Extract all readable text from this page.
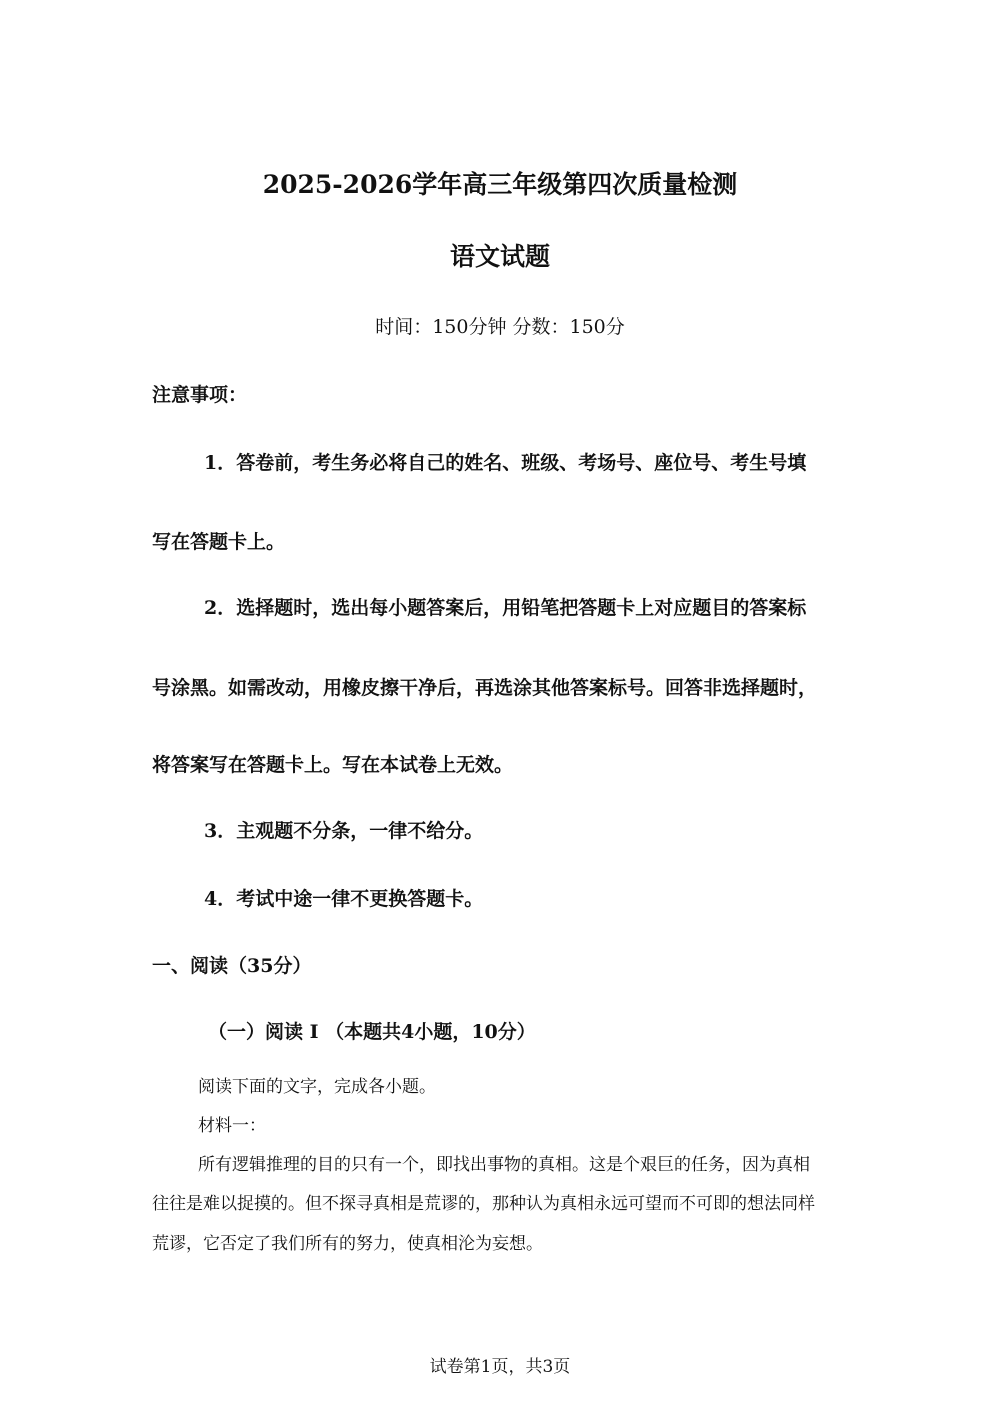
2025-2026学年高三年级第四次质量检测
语文试题
时间：150分钟 分数：150分
注意事项：
1．答卷前，考生务必将自己的姓名、班级、考场号、座位号、考生号填
写在答题卡上。
2．选择题时，选出每小题答案后，用铅笔把答题卡上对应题目的答案标
号涂黑。如需改动，用橡皮擦干净后，再选涂其他答案标号。回答非选择题时，
将答案写在答题卡上。写在本试卷上无效。
3．主观题不分条，一律不给分。
4．考试中途一律不更换答题卡。
一、阅读（35分）
（一）阅读 I （本题共4小题，10分）
阅读下面的文字，完成各小题。
材料一：
所有逻辑推理的目的只有一个，即找出事物的真相。这是个艰巨的任务，因为真相
往往是难以捉摸的。但不探寻真相是荒谬的，那种认为真相永远可望而不可即的想法同样
荒谬，它否定了我们所有的努力，使真相沦为妄想。
试卷第1页，共3页
